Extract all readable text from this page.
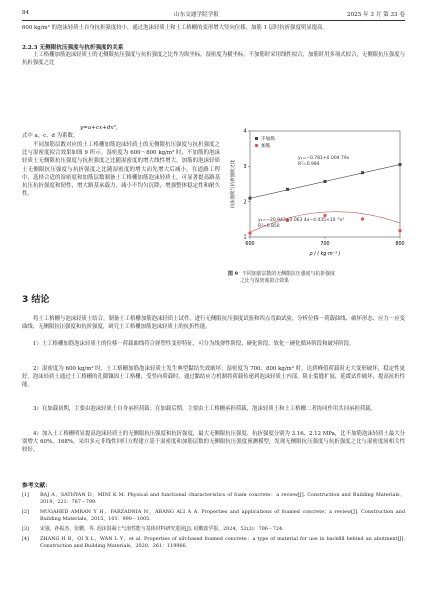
84	山东交通学院学报	2025 年 3 月 第 33 卷

600 kg/m³ 的泡沫轻质土自身抗折强度较小，通过泡沫轻质土和土工格栅的变形增大竖向位移，加筋 1 层时抗折强度明显提高。

2.2.3 无侧限抗压强度与抗折强度的关系

土工格栅加筋泡沫轻质土的无侧限抗压强度与抗折强度之比作为纵坐标，湿密度为横坐标，不加筋时采用线性拟合，加筋时用多项式拟合，无侧限抗压强度与抗折强度之比

y=a+cx+dx²，

式中 a、c、d 为系数。

不同加筋层数对应的土工格栅加筋泡沫轻质土的无侧限抗压强度与抗折强度之比与湿密度拟合效果如图 9 所示。湿密度为 600～800 kg/m³ 时，不加筋的泡沫轻质土无侧限抗压强度与抗折强度之比随湿密度的增大线性增大，加筋的泡沫轻质土无侧限抗压强度与抗折强度之比随湿密度的增大而先增大后减小。在道路工程中，选择合适的湿密度和加筋层数制备土工格栅加筋泡沫轻质土，可显著提高路基抗压抗折强度和韧性，增大路基承载力，减小不均匀沉降，增强整体稳定性和耐久性。

600	700	800
1
2
3
4
不加筋
加筋
y₁=−0.781+0.004 79x
R²=0.984
y₂=−20.943+0.063 4x−4.435×10⁻⁵x²
R²=0.850
ρ / ( kg·m⁻³ )
抗压强度与抗折强度之比
图 9 不同加筋层数的无侧限抗压强度与抗折强度
之比与湿密度拟合效果

3 结论

将土工格栅与泡沫轻质土结合，制备土工格栅加筋泡沫轻质土试件，进行无侧限抗压强度试验和四点弯曲试验，分析位移－荷载曲线、破坏形态、应力－应变曲线、无侧限抗压强度和抗折强度，研究土工格栅加筋泡沫轻质土的抗折性能。

1）土工格栅加筋泡沫轻质土的位移－荷载曲线符合弹塑性变形特征，可分为线弹性阶段、硬化阶段、软化－硬化循环阶段和破坏阶段。

2）湿密度为 600 kg/m³ 时，土工格栅加筋泡沫轻质土发生典型黏结失效破坏；湿密度为 700、800 kg/m³ 时，达到峰值荷载时无大变形破坏，稳定性更好。泡沫轻质土通过土工格栅的孔隙镶固土工格栅，受竖向荷载时，通过黏结应力机制将荷载传递到泡沫轻质土内部，阻止裂缝扩展，延缓试件破坏，提高抗折性能。

3）在加载初期，主要由泡沫轻质土自身承担荷载；在加载后期，主要由土工格栅承担荷载，泡沫轻质土和土工格栅二者协同作用共同承担荷载。

4）加入土工格栅明显提高泡沫轻质土的无侧限抗压强度和抗折强度，最大无侧限抗压强度、抗折强度分别为 3.16、2.12 MPa，比不加筋泡沫轻质土最大分别增大 60%、168%。采用多元非线性回归方程建立基于湿密度和加筋层数的无侧限抗压强度预测模型，发现无侧限抗压强度与抗折强度之比与湿密度间相关性较好。

参考文献：
[1]	RAJ A，SATHYAN D，MINI K M. Physical and functional characteristics of foam concrete：a review[J]. Construction and Building Materials，2019，221：787－799.
[2]	MUGAHED AMRAN Y H，FARZADNIA N，ABANG ALI A A. Properties and applications of foamed concrete；a review[J]. Construction and Building Materials，2015，101：990－1005.
[3]	宋强，孙振杰，张鹏，等. 泡沫混凝土气泡性能与基体材料研究进展[J]. 硅酸盐学报，2024，52(2)：706－724.
[4]	ZHANG H B，QI X L，WAN L Y，et al. Properties of silt-based foamed concrete：a type of material for use in backfill behind an abutment[J]. Construction and Building Materials，2020，261：119966.
